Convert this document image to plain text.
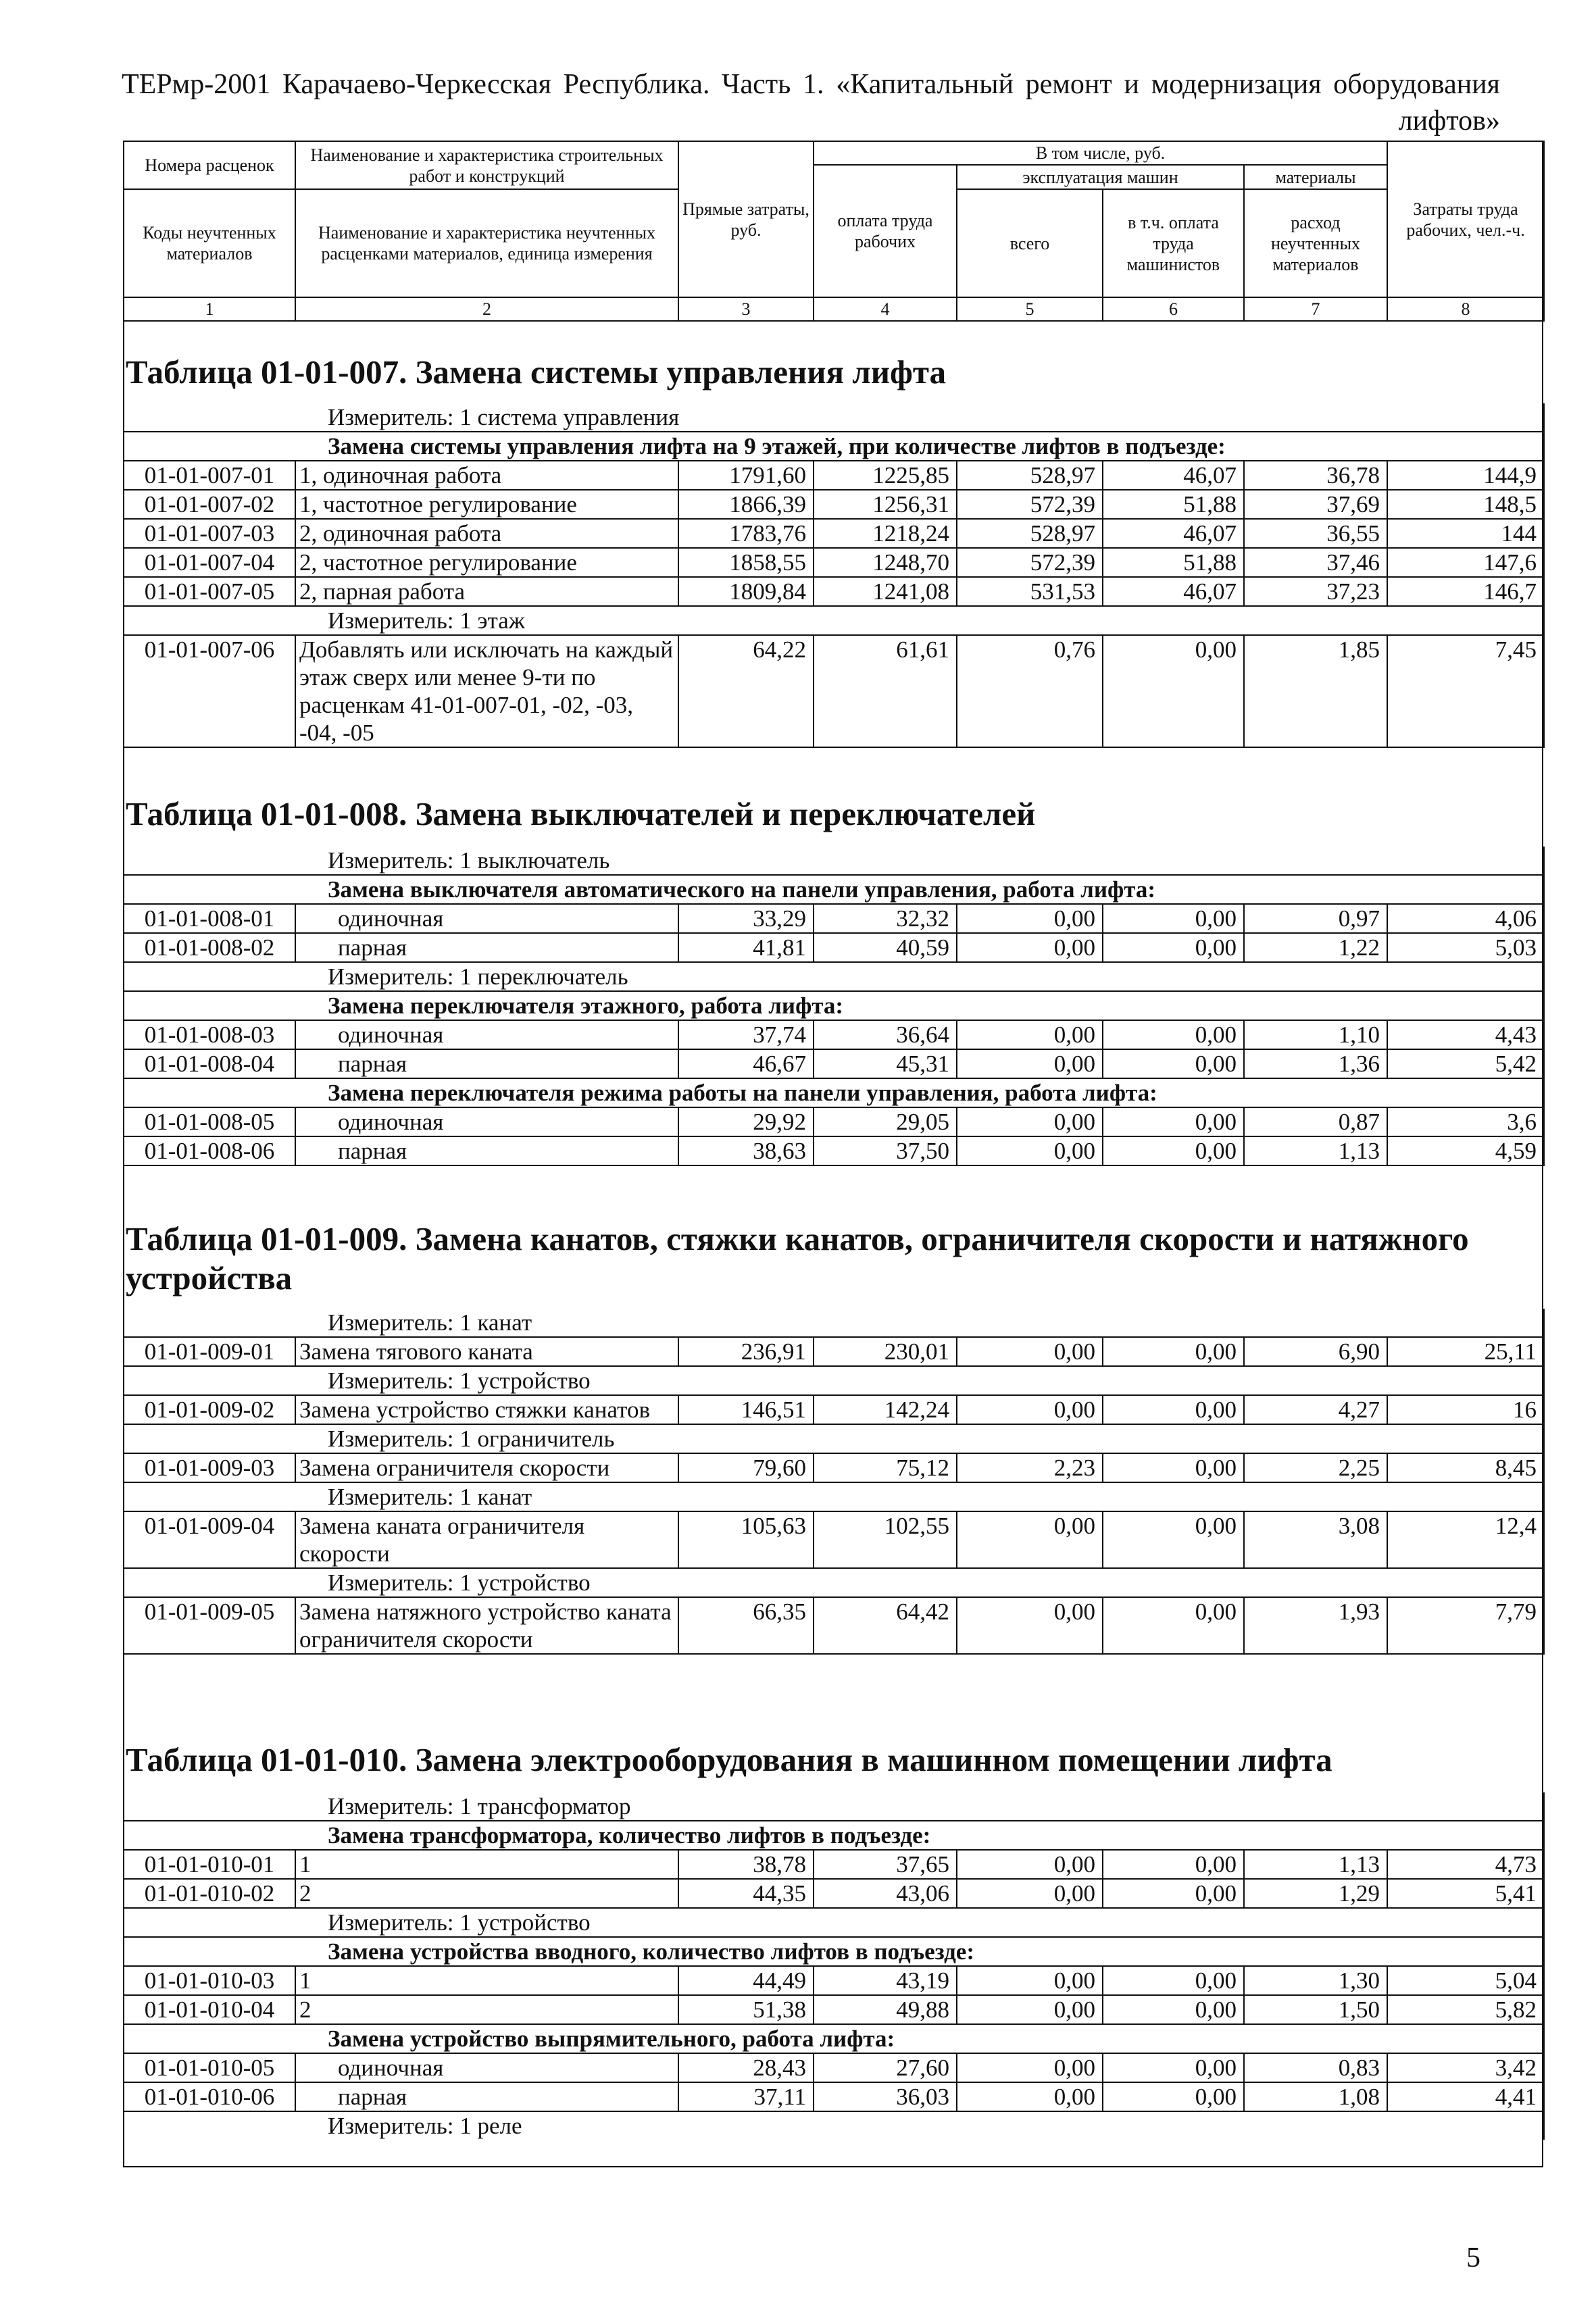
ТЕРмр-2001 Карачаево-Черкесская Республика. Часть 1. «Капитальный ремонт и модернизация оборудования лифтов»
Номера расценок	Наименование и характеристика строительных работ и конструкций	Прямые затраты, руб.	В том числе, руб.				Затраты труда рабочих, чел.-ч.
			оплата труда рабочих	эксплуатация машин		материалы	
Коды неучтенных материалов	Наименование и характеристика неучтенных расценками материалов, единица измерения			всего	в т.ч. оплата труда машинистов	расход неучтенных материалов	
1	2	3	4	5	6	7	8
Таблица 01-01-007. Замена системы управления лифта
	Измеритель: 1 система управления						
	Замена системы управления лифта на 9 этажей, при количестве лифтов в подъезде:						
01-01-007-01	1, одиночная работа	1791,60	1225,85	528,97	46,07	36,78	144,9
01-01-007-02	1, частотное регулирование	1866,39	1256,31	572,39	51,88	37,69	148,5
01-01-007-03	2, одиночная работа	1783,76	1218,24	528,97	46,07	36,55	144
01-01-007-04	2, частотное регулирование	1858,55	1248,70	572,39	51,88	37,46	147,6
01-01-007-05	2, парная работа	1809,84	1241,08	531,53	46,07	37,23	146,7
	Измеритель: 1 этаж						
01-01-007-06	Добавлять или исключать на каждый этаж сверх или менее 9-ти по расценкам 41-01-007-01, -02, -03, -04, -05	64,22	61,61	0,76	0,00	1,85	7,45
Таблица 01-01-008. Замена выключателей и переключателей
	Измеритель: 1 выключатель						
	Замена выключателя автоматического на панели управления, работа лифта:						
01-01-008-01	одиночная	33,29	32,32	0,00	0,00	0,97	4,06
01-01-008-02	парная	41,81	40,59	0,00	0,00	1,22	5,03
	Измеритель: 1 переключатель						
	Замена переключателя этажного, работа лифта:						
01-01-008-03	одиночная	37,74	36,64	0,00	0,00	1,10	4,43
01-01-008-04	парная	46,67	45,31	0,00	0,00	1,36	5,42
	Замена переключателя режима работы на панели управления, работа лифта:						
01-01-008-05	одиночная	29,92	29,05	0,00	0,00	0,87	3,6
01-01-008-06	парная	38,63	37,50	0,00	0,00	1,13	4,59
Таблица 01-01-009. Замена канатов, стяжки канатов, ограничителя скорости и натяжного устройства
	Измеритель: 1 канат						
01-01-009-01	Замена тягового каната	236,91	230,01	0,00	0,00	6,90	25,11
	Измеритель: 1 устройство						
01-01-009-02	Замена устройство стяжки канатов	146,51	142,24	0,00	0,00	4,27	16
	Измеритель: 1 ограничитель						
01-01-009-03	Замена ограничителя скорости	79,60	75,12	2,23	0,00	2,25	8,45
	Измеритель: 1 канат						
01-01-009-04	Замена каната ограничителя скорости	105,63	102,55	0,00	0,00	3,08	12,4
	Измеритель: 1 устройство						
01-01-009-05	Замена натяжного устройство каната ограничителя скорости	66,35	64,42	0,00	0,00	1,93	7,79
Таблица 01-01-010. Замена электрооборудования в машинном помещении лифта
	Измеритель: 1 трансформатор						
	Замена трансформатора, количество лифтов в подъезде:						
01-01-010-01	1	38,78	37,65	0,00	0,00	1,13	4,73
01-01-010-02	2	44,35	43,06	0,00	0,00	1,29	5,41
	Измеритель: 1 устройство						
	Замена устройства вводного, количество лифтов в подъезде:						
01-01-010-03	1	44,49	43,19	0,00	0,00	1,30	5,04
01-01-010-04	2	51,38	49,88	0,00	0,00	1,50	5,82
	Замена устройство выпрямительного, работа лифта:						
01-01-010-05	одиночная	28,43	27,60	0,00	0,00	0,83	3,42
01-01-010-06	парная	37,11	36,03	0,00	0,00	1,08	4,41
	Измеритель: 1 реле						
5
